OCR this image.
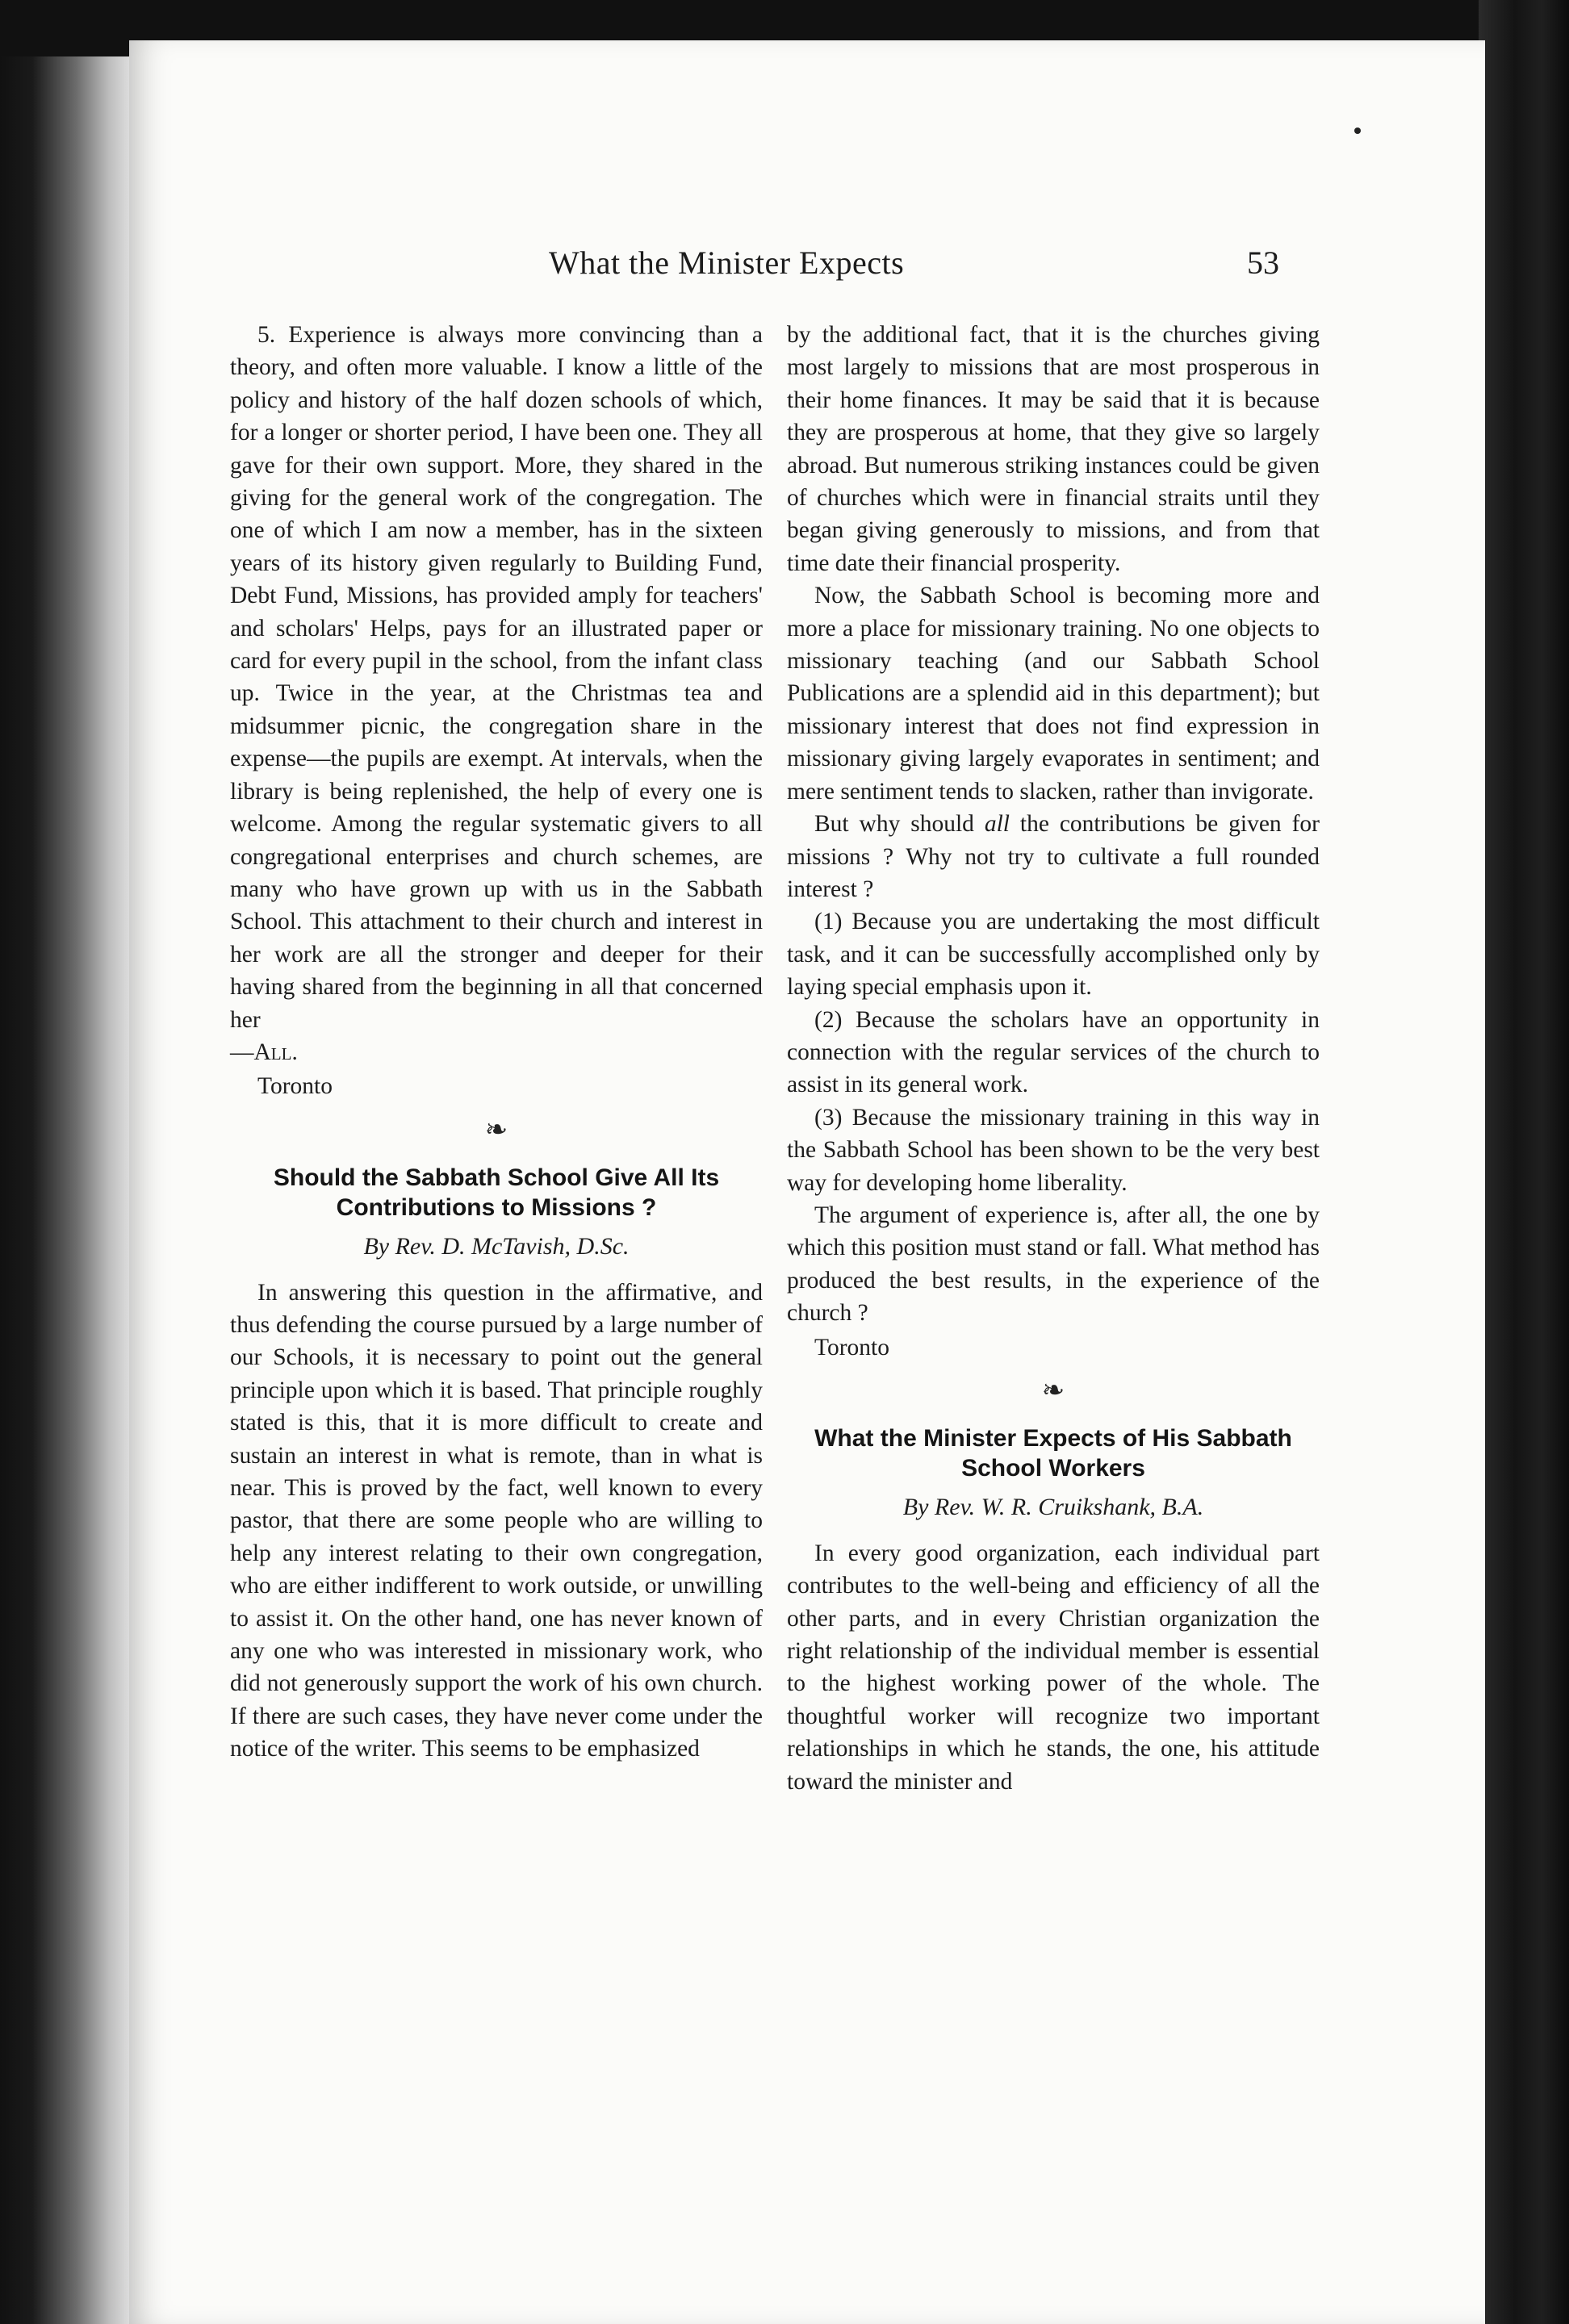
What the Minister Expects	53

5. Experience is always more convincing than a theory, and often more valuable. I know a little of the policy and history of the half dozen schools of which, for a longer or shorter period, I have been one. They all gave for their own support. More, they shared in the giving for the general work of the congregation. The one of which I am now a member, has in the sixteen years of its history given regularly to Building Fund, Debt Fund, Missions, has provided amply for teachers' and scholars' Helps, pays for an illustrated paper or card for every pupil in the school, from the infant class up. Twice in the year, at the Christmas tea and midsummer picnic, the congregation share in the expense—the pupils are exempt. At intervals, when the library is being replenished, the help of every one is welcome. Among the regular systematic givers to all congregational enterprises and church schemes, are many who have grown up with us in the Sabbath School. This attachment to their church and interest in her work are all the stronger and deeper for their having shared from the beginning in all that concerned her

—All.

Toronto

❧
Should the Sabbath School Give All Its Contributions to Missions ?
By Rev. D. McTavish, D.Sc.

In answering this question in the affirmative, and thus defending the course pursued by a large number of our Schools, it is necessary to point out the general principle upon which it is based. That principle roughly stated is this, that it is more difficult to create and sustain an interest in what is remote, than in what is near. This is proved by the fact, well known to every pastor, that there are some people who are willing to help any interest relating to their own congregation, who are either indifferent to work outside, or unwilling to assist it. On the other hand, one has never known of any one who was interested in missionary work, who did not generously support the work of his own church. If there are such cases, they have never come under the notice of the writer. This seems to be emphasized

by the additional fact, that it is the churches giving most largely to missions that are most prosperous in their home finances. It may be said that it is because they are prosperous at home, that they give so largely abroad. But numerous striking instances could be given of churches which were in financial straits until they began giving generously to missions, and from that time date their financial prosperity.

Now, the Sabbath School is becoming more and more a place for missionary training. No one objects to missionary teaching (and our Sabbath School Publications are a splendid aid in this department); but missionary interest that does not find expression in missionary giving largely evaporates in sentiment; and mere sentiment tends to slacken, rather than invigorate.

But why should all the contributions be given for missions ? Why not try to cultivate a full rounded interest ?

(1) Because you are undertaking the most difficult task, and it can be successfully accomplished only by laying special emphasis upon it.

(2) Because the scholars have an opportunity in connection with the regular services of the church to assist in its general work.

(3) Because the missionary training in this way in the Sabbath School has been shown to be the very best way for developing home liberality.

The argument of experience is, after all, the one by which this position must stand or fall. What method has produced the best results, in the experience of the church ?

Toronto

❧
What the Minister Expects of His Sabbath School Workers
By Rev. W. R. Cruikshank, B.A.

In every good organization, each individual part contributes to the well-being and efficiency of all the other parts, and in every Christian organization the right relationship of the individual member is essential to the highest working power of the whole. The thoughtful worker will recognize two important relationships in which he stands, the one, his attitude toward the minister and
